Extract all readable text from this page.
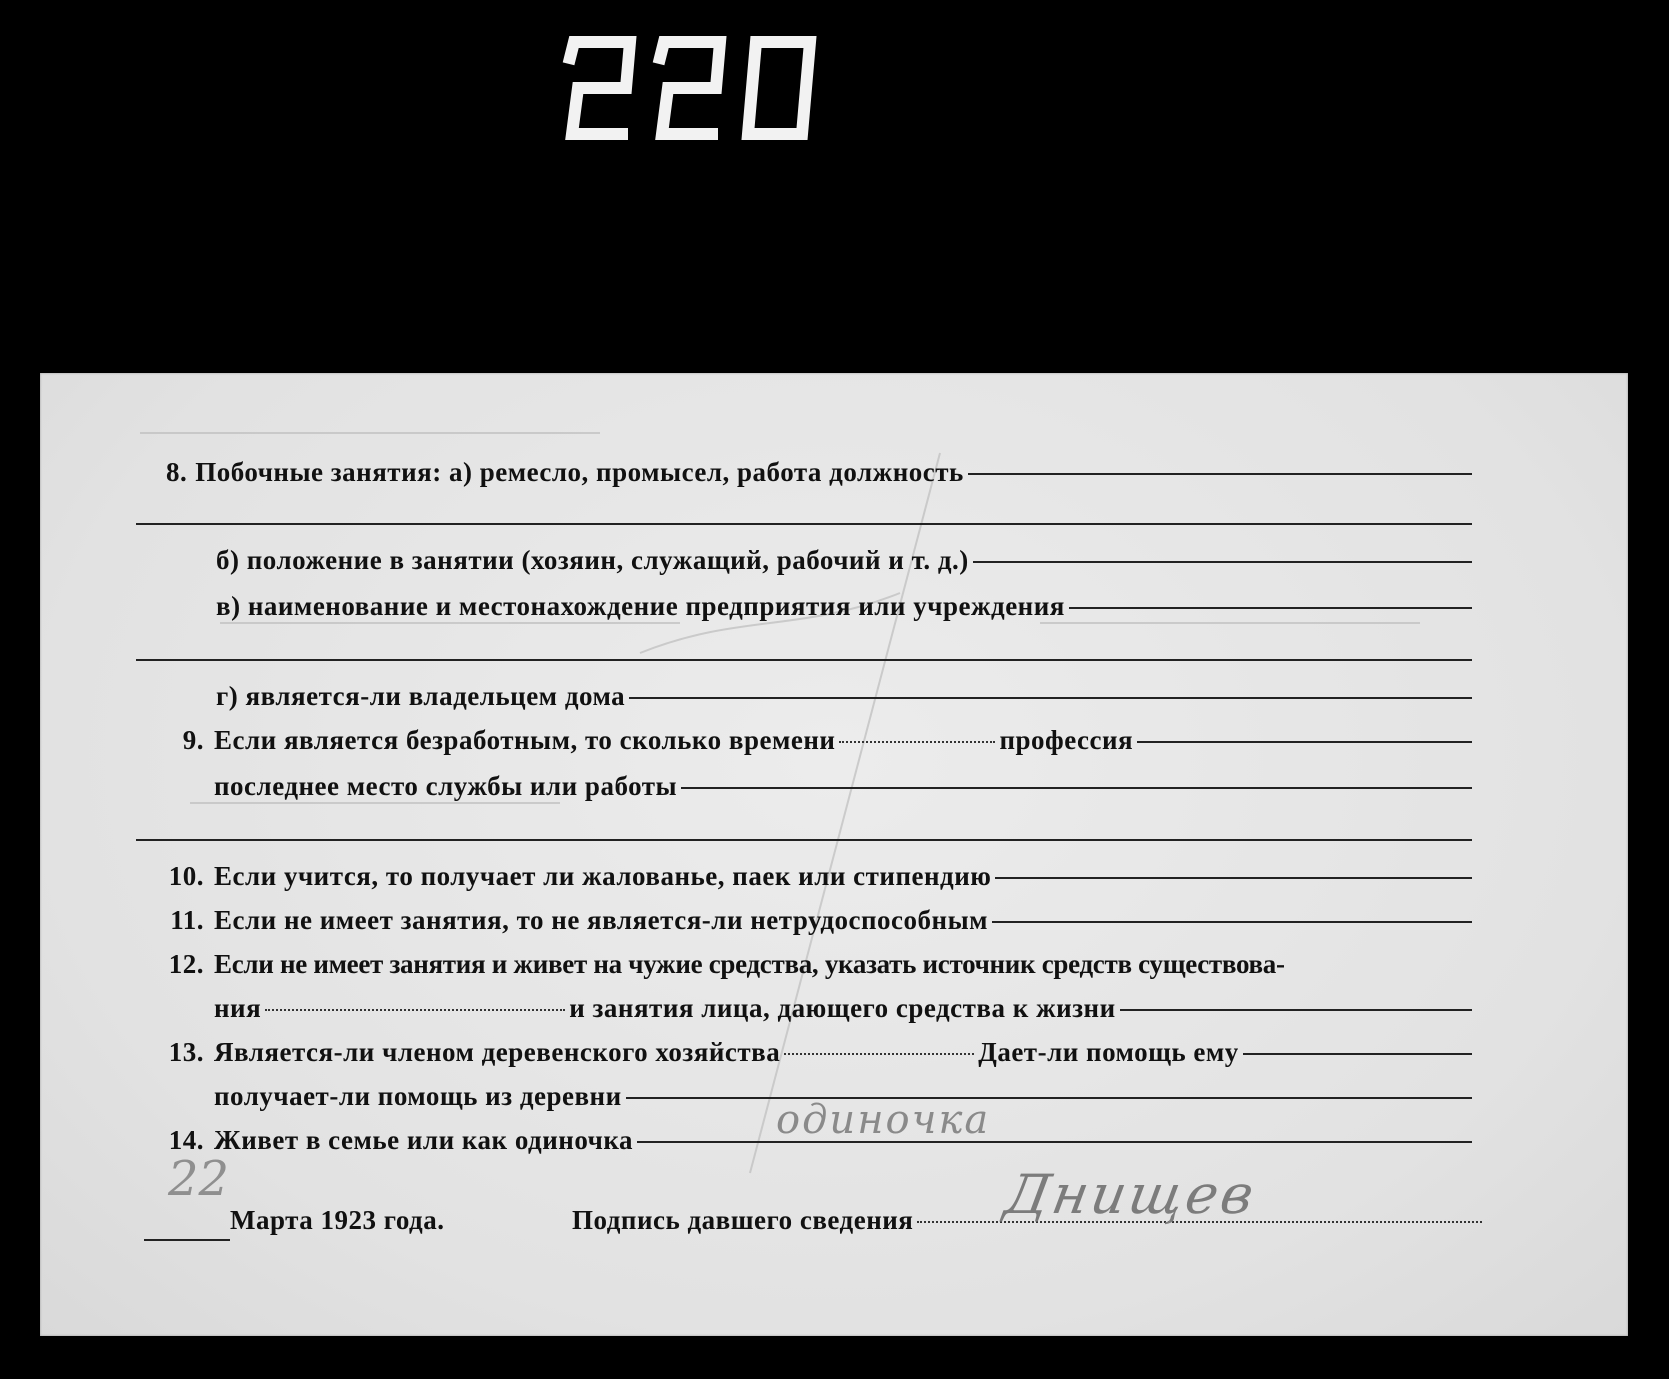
8. Побочные занятия: а) ремесло, промысел, работа должность
б) положение в занятии (хозяин, служащий, рабочий и т. д.)
в) наименование и местонахождение предприятия или учреждения
г) является-ли владельцем дома
9. Если является безработным, то сколько времени	профессия
последнее место службы или работы
10. Если учится, то получает ли жалованье, паек или стипендию
11. Если не имеет занятия, то не является-ли нетрудоспособным
12. Если не имеет занятия и живет на чужие средства, указать источник средств существова-
ния	и занятия лица, дающего средства к жизни
13. Является-ли членом деревенского хозяйства	Дает-ли помощь ему
получает-ли помощь из деревни
14. Живет в семье или как одиночка	одиночка
22
Марта 1923 года.	Подпись давшего сведения Днищев
